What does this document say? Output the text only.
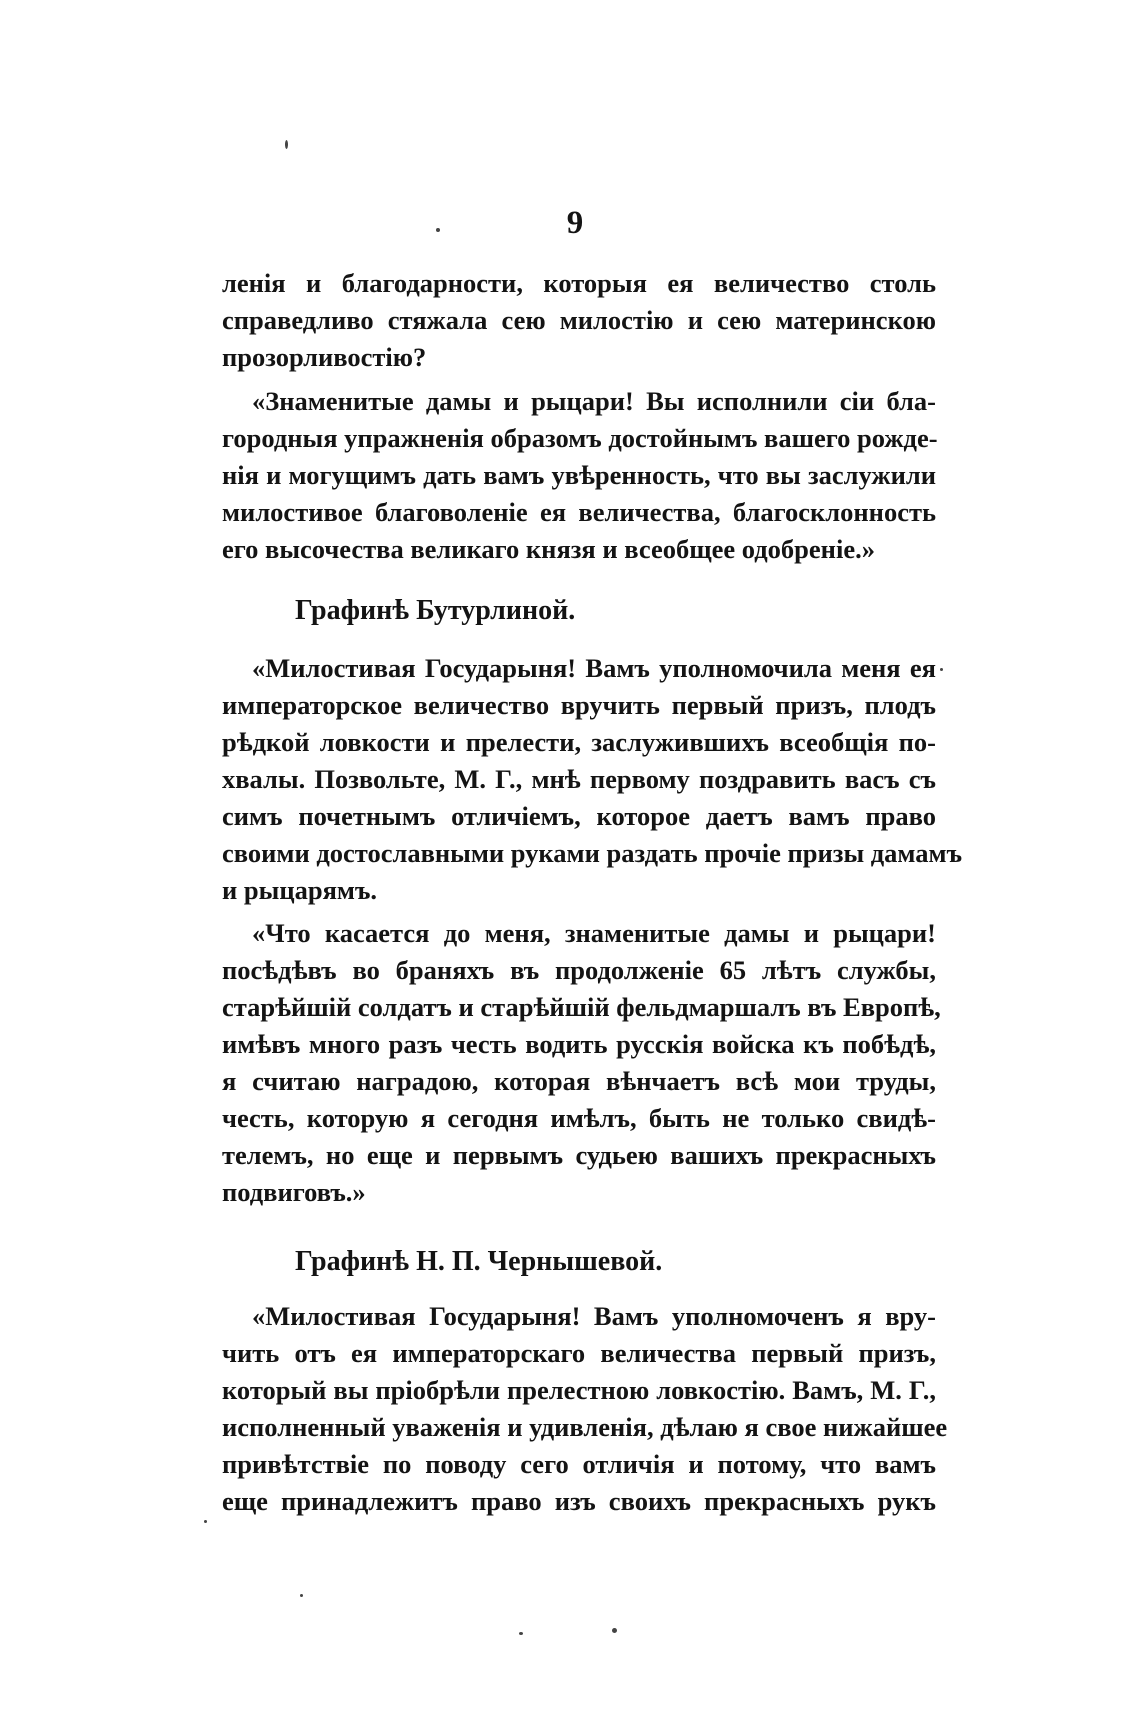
9
ленія и благодарности, которыя ея величество столь
справедливо стяжала сею милостію и сею материнскою
прозорливостію?
«Знаменитые дамы и рыцари! Вы исполнили сіи бла-
городныя упражненія образомъ достойнымъ вашего рожде-
нія и могущимъ дать вамъ увѣренность, что вы заслужили
милостивое благоволеніе ея величества, благосклонность
его высочества великаго князя и всеобщее одобреніе.»
Графинѣ Бутурлиной.
«Милостивая Государыня! Вамъ уполномочила меня ея
императорское величество вручить первый призъ, плодъ
рѣдкой ловкости и прелести, заслужившихъ всеобщія по-
хвалы. Позвольте, М. Г., мнѣ первому поздравить васъ съ
симъ почетнымъ отличіемъ, которое даетъ вамъ право
своими достославными руками раздать прочіе призы дамамъ
и рыцарямъ.
«Что касается до меня, знаменитые дамы и рыцари!
посѣдѣвъ во браняхъ въ продолженіе 65 лѣтъ службы,
старѣйшій солдатъ и старѣйшій фельдмаршалъ въ Европѣ,
имѣвъ много разъ честь водить русскія войска къ побѣдѣ,
я считаю наградою, которая вѣнчаетъ всѣ мои труды,
честь, которую я сегодня имѣлъ, быть не только свидѣ-
телемъ, но еще и первымъ судьею вашихъ прекрасныхъ
подвиговъ.»
Графинѣ Н. П. Чернышевой.
«Милостивая Государыня! Вамъ уполномоченъ я вру-
чить отъ ея императорскаго величества первый призъ,
который вы пріобрѣли прелестною ловкостію. Вамъ, М. Г.,
исполненный уваженія и удивленія, дѣлаю я свое нижайшее
привѣтствіе по поводу сего отличія и потому, что вамъ
еще принадлежитъ право изъ своихъ прекрасныхъ рукъ
